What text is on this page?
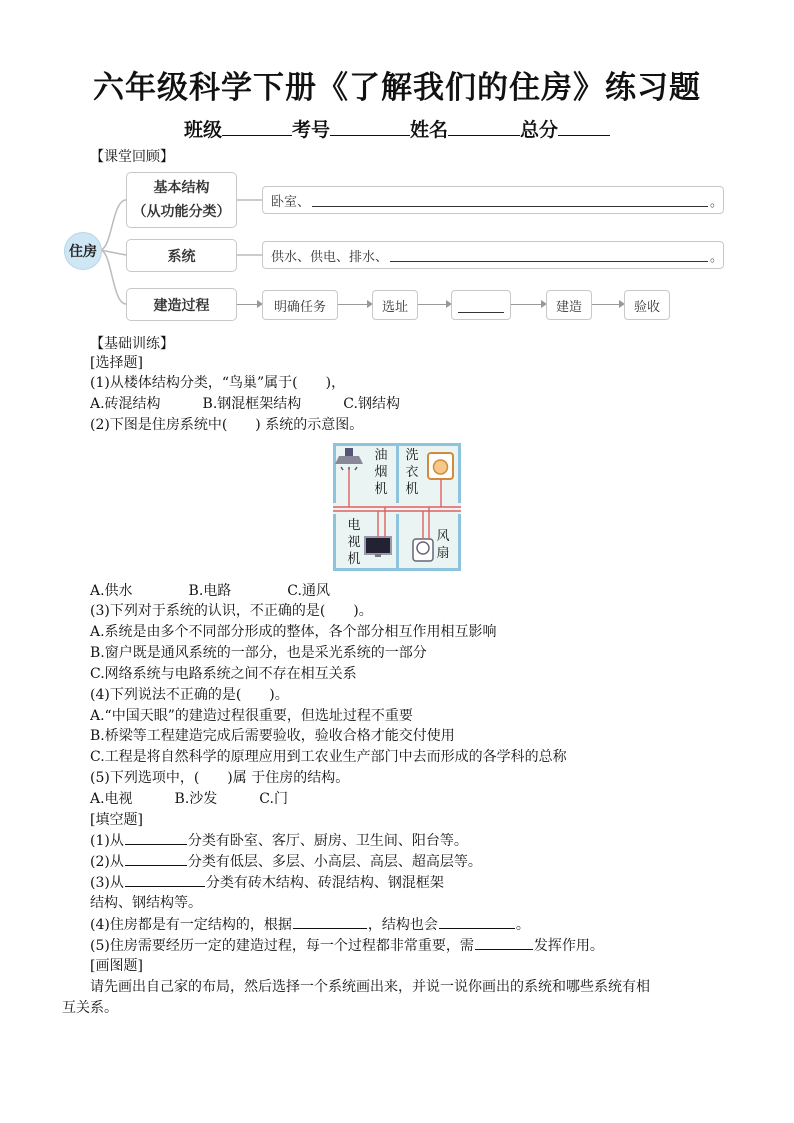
六年级科学下册《了解我们的住房》练习题
班级	考号	姓名	总分
【课堂回顾】
住房
基本结构
（从功能分类）
卧室、	。
系统	供水、供电、排水、	。
建造过程	明确任务	选址	建造	验收
【基础训练】
[选择题]
(1)从楼体结构分类，“鸟巢”属于(　　)，
A.砖混结构　　　B.钢混框架结构　　　C.钢结构
(2)下图是住房系统中(　　) 系统的示意图。
油
烟
机
洗
衣
机
电
视
机
风
扇
A.供水　　　　B.电路　　　　C.通风
(3)下列对于系统的认识，不正确的是(　　)。
A.系统是由多个不同部分形成的整体，各个部分相互作用相互影响
B.窗户既是通风系统的一部分，也是采光系统的一部分
C.网络系统与电路系统之间不存在相互关系
(4)下列说法不正确的是(　　)。
A.“中国天眼”的建造过程很重要，但选址过程不重要
B.桥梁等工程建造完成后需要验收，验收合格才能交付使用
C.工程是将自然科学的原理应用到工农业生产部门中去而形成的各学科的总称
(5)下列选项中，(　　)属 于住房的结构。
A.电视　　　B.沙发　　　C.门
[填空题]
(1)从	分类有卧室、客厅、厨房、卫生间、阳台等。
(2)从	分类有低层、多层、小高层、高层、超高层等。
(3)从	分类有砖木结构、砖混结构、钢混框架
结构、钢结构等。
(4)住房都是有一定结构的，根据	，结构也会	。
(5)住房需要经历一定的建造过程，每一个过程都非常重要，需	发挥作用。
[画图题]
请先画出自己家的布局，然后选择一个系统画出来，并说一说你画出的系统和哪些系统有相
互关系。
